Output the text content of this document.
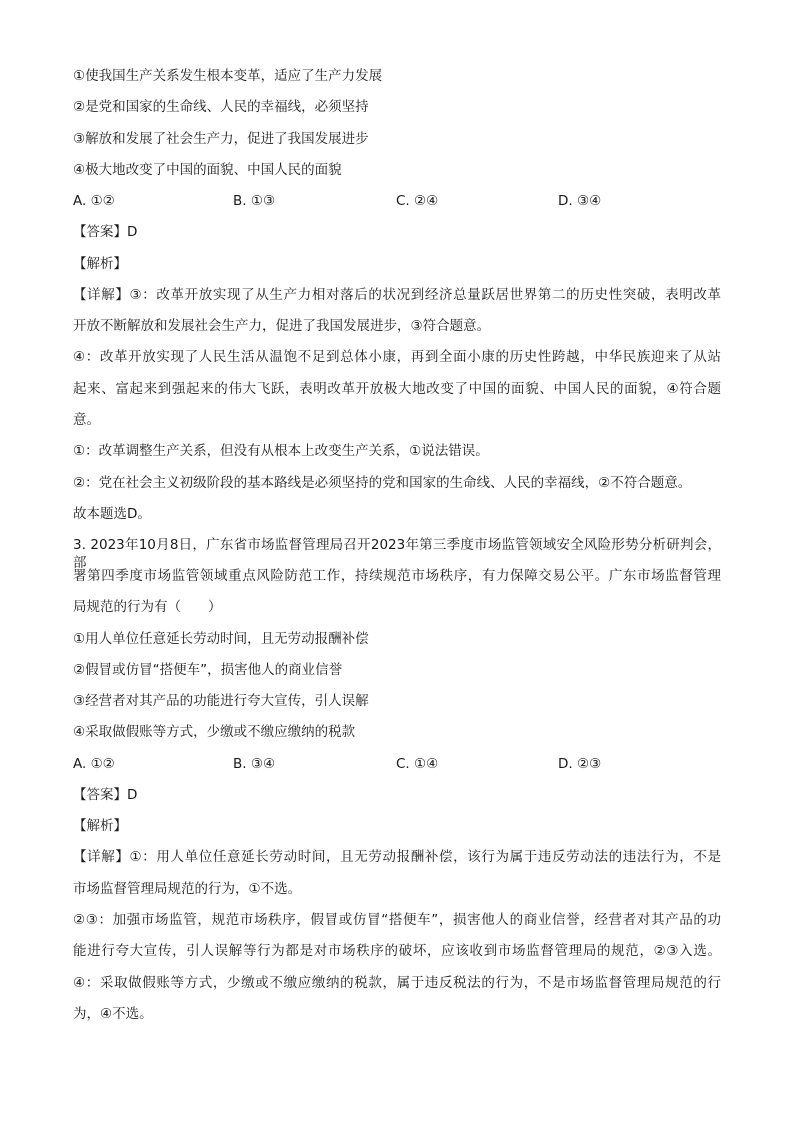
①使我国生产关系发生根本变革，适应了生产力发展
②是党和国家的生命线、人民的幸福线，必须坚持
③解放和发展了社会生产力，促进了我国发展进步
④极大地改变了中国的面貌、中国人民的面貌
A. ①②	B. ①③	C. ②④	D. ③④
【答案】D
【解析】
【详解】③：改革开放实现了从生产力相对落后的状况到经济总量跃居世界第二的历史性突破，表明改革
开放不断解放和发展社会生产力，促进了我国发展进步，③符合题意。
④：改革开放实现了人民生活从温饱不足到总体小康，再到全面小康的历史性跨越，中华民族迎来了从站
起来、富起来到强起来的伟大飞跃，表明改革开放极大地改变了中国的面貌、中国人民的面貌，④符合题
意。
①：改革调整生产关系，但没有从根本上改变生产关系，①说法错误。
②：党在社会主义初级阶段的基本路线是必须坚持的党和国家的生命线、人民的幸福线，②不符合题意。
故本题选D。
3. 2023年10月8日，广东省市场监督管理局召开2023年第三季度市场监管领域安全风险形势分析研判会，部
署第四季度市场监管领域重点风险防范工作，持续规范市场秩序，有力保障交易公平。广东市场监督管理
局规范的行为有（　　）
①用人单位任意延长劳动时间，且无劳动报酬补偿
②假冒或仿冒“搭便车”，损害他人的商业信誉
③经营者对其产品的功能进行夸大宣传，引人误解
④采取做假账等方式，少缴或不缴应缴纳的税款
A. ①②	B. ③④	C. ①④	D. ②③
【答案】D
【解析】
【详解】①：用人单位任意延长劳动时间，且无劳动报酬补偿，该行为属于违反劳动法的违法行为，不是
市场监督管理局规范的行为，①不选。
②③：加强市场监管，规范市场秩序，假冒或仿冒“搭便车”，损害他人的商业信誉，经营者对其产品的功
能进行夸大宣传，引人误解等行为都是对市场秩序的破坏，应该收到市场监督管理局的规范，②③入选。
④：采取做假账等方式，少缴或不缴应缴纳的税款，属于违反税法的行为，不是市场监督管理局规范的行
为，④不选。
